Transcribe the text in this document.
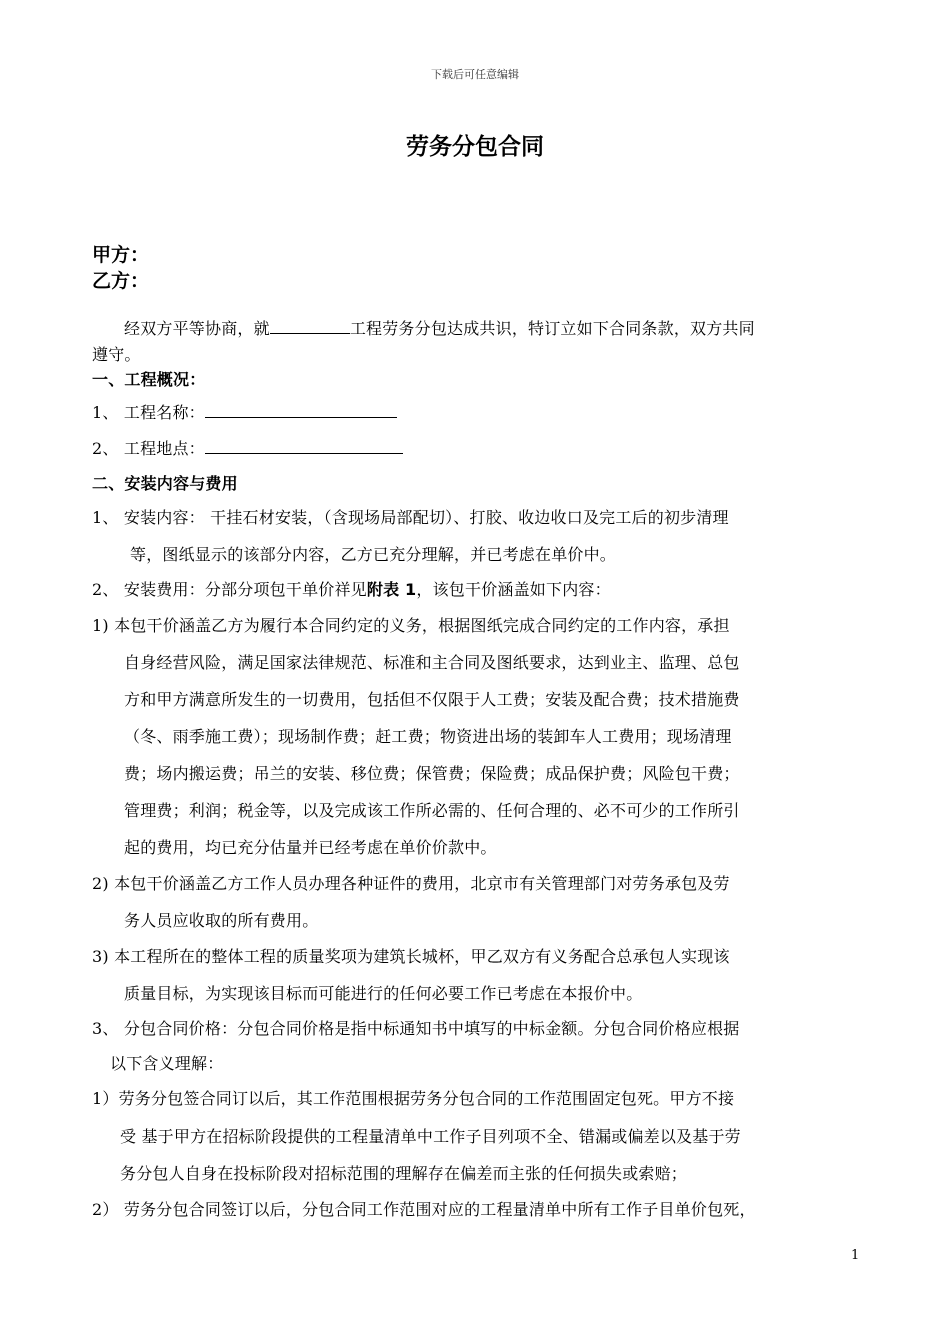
下载后可任意编辑
劳务分包合同
甲方：
乙方：
经双方平等协商，就	工程劳务分包达成共识，特订立如下合同条款，双方共同
遵守。
一、工程概况：
1、 工程名称：
2、 工程地点：
二、安装内容与费用
1、 安装内容： 干挂石材安装，（含现场局部配切）、打胶、收边收口及完工后的初步清理
等，图纸显示的该部分内容，乙方已充分理解，并已考虑在单价中。
2、 安装费用：分部分项包干单价祥见附表 1，该包干价涵盖如下内容：
1) 本包干价涵盖乙方为履行本合同约定的义务，根据图纸完成合同约定的工作内容，承担
自身经营风险，满足国家法律规范、标准和主合同及图纸要求，达到业主、监理、总包
方和甲方满意所发生的一切费用，包括但不仅限于人工费；安装及配合费；技术措施费
（冬、雨季施工费）；现场制作费；赶工费；物资进出场的装卸车人工费用；现场清理
费；场内搬运费；吊兰的安装、移位费；保管费；保险费；成品保护费；风险包干费；
管理费；利润；税金等，以及完成该工作所必需的、任何合理的、必不可少的工作所引
起的费用，均已充分估量并已经考虑在单价价款中。
2) 本包干价涵盖乙方工作人员办理各种证件的费用，北京市有关管理部门对劳务承包及劳
务人员应收取的所有费用。
3) 本工程所在的整体工程的质量奖项为建筑长城杯，甲乙双方有义务配合总承包人实现该
质量目标，为实现该目标而可能进行的任何必要工作已考虑在本报价中。
3、 分包合同价格：分包合同价格是指中标通知书中填写的中标金额。分包合同价格应根据
以下含义理解：
1）劳务分包签合同订以后，其工作范围根据劳务分包合同的工作范围固定包死。甲方不接
受 基于甲方在招标阶段提供的工程量清单中工作子目列项不全、错漏或偏差以及基于劳
务分包人自身在投标阶段对招标范围的理解存在偏差而主张的任何损失或索赔；
2） 劳务分包合同签订以后，分包合同工作范围对应的工程量清单中所有工作子目单价包死，
1
